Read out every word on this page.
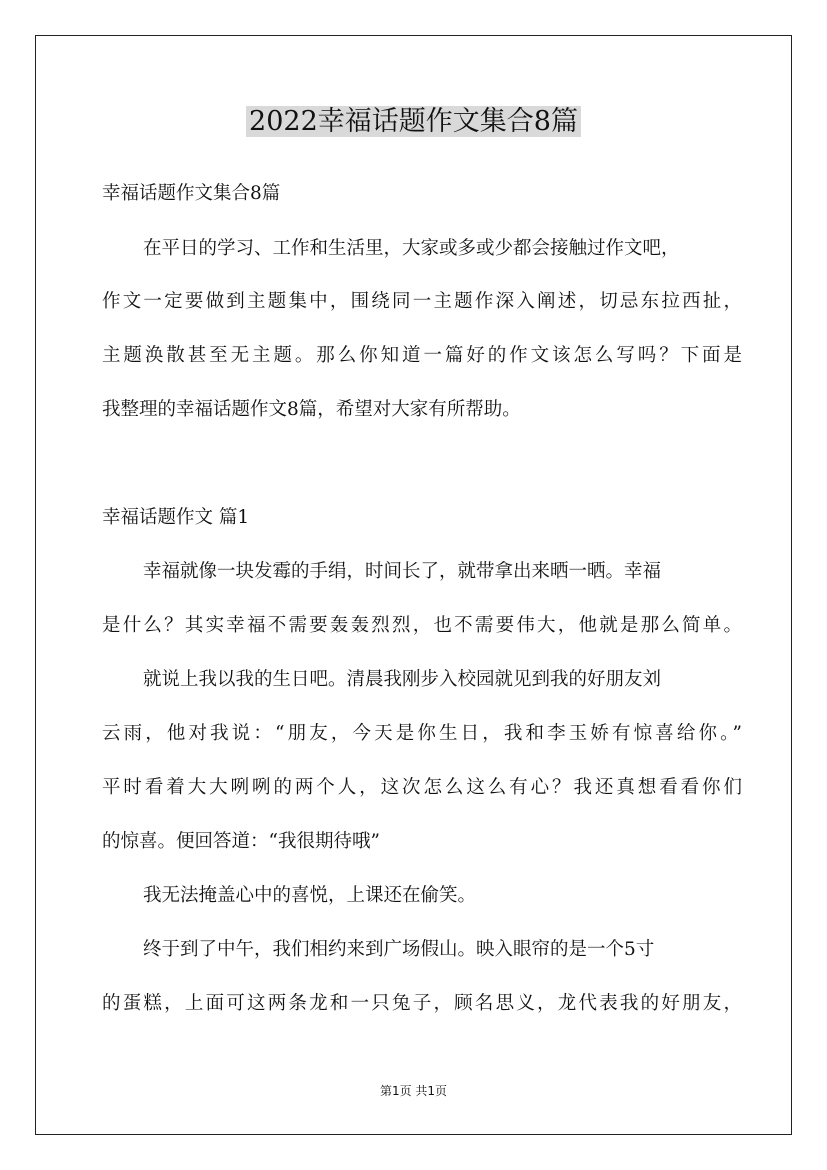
2022幸福话题作文集合8篇

幸福话题作文集合8篇

在平日的学习、工作和生活里，大家或多或少都会接触过作文吧，

作文一定要做到主题集中，围绕同一主题作深入阐述，切忌东拉西扯，

主题涣散甚至无主题。那么你知道一篇好的作文该怎么写吗？下面是

我整理的幸福话题作文8篇，希望对大家有所帮助。

幸福话题作文 篇1

幸福就像一块发霉的手绢，时间长了，就带拿出来晒一晒。幸福

是什么？其实幸福不需要轰轰烈烈，也不需要伟大，他就是那么简单。

就说上我以我的生日吧。清晨我刚步入校园就见到我的好朋友刘

云雨，他对我说：“朋友，今天是你生日，我和李玉娇有惊喜给你。”

平时看着大大咧咧的两个人，这次怎么这么有心？我还真想看看你们

的惊喜。便回答道：“我很期待哦”

我无法掩盖心中的喜悦，上课还在偷笑。

终于到了中午，我们相约来到广场假山。映入眼帘的是一个5寸

的蛋糕，上面可这两条龙和一只兔子，顾名思义，龙代表我的好朋友，

第1页 共1页
